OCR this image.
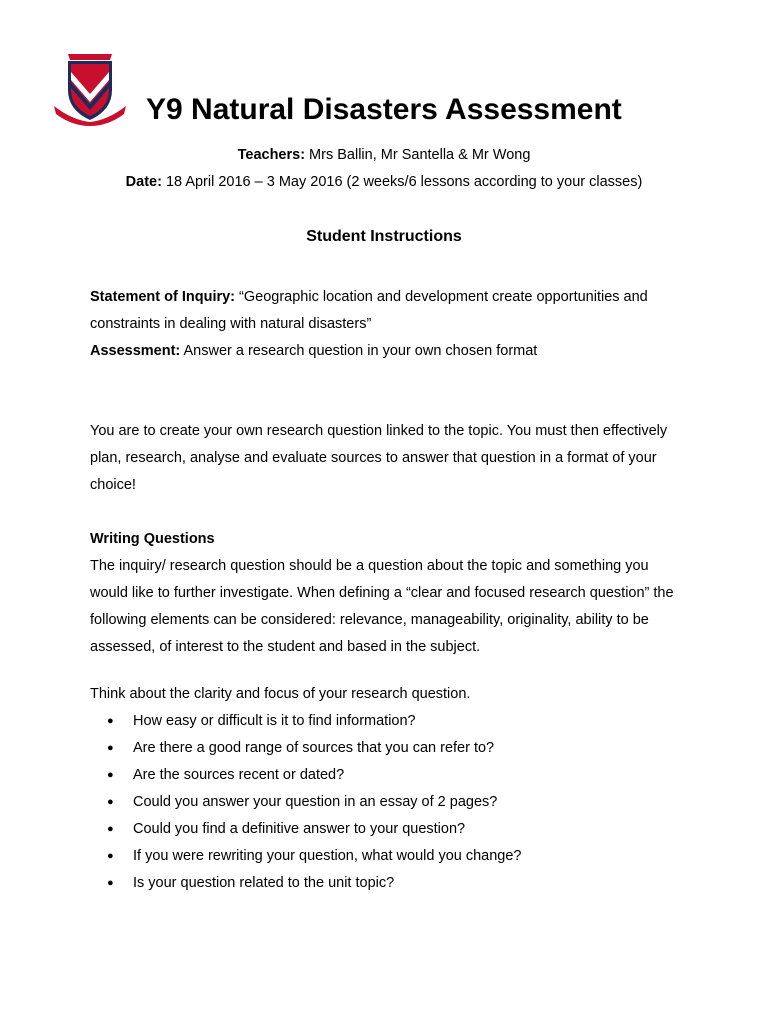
Y9 Natural Disasters Assessment
Teachers: Mrs Ballin, Mr Santella & Mr Wong
Date: 18 April 2016 – 3 May 2016 (2 weeks/6 lessons according to your classes)
Student Instructions

Statement of Inquiry: “Geographic location and development create opportunities and constraints in dealing with natural disasters”

Assessment: Answer a research question in your own chosen format

You are to create your own research question linked to the topic. You must then effectively plan, research, analyse and evaluate sources to answer that question in a format of your choice!

Writing Questions

The inquiry/ research question should be a question about the topic and something you would like to further investigate. When defining a “clear and focused research question” the following elements can be considered: relevance, manageability, originality, ability to be assessed, of interest to the student and based in the subject.

Think about the clarity and focus of your research question.

● How easy or difficult is it to find information?
● Are there a good range of sources that you can refer to?
● Are the sources recent or dated?
● Could you answer your question in an essay of 2 pages?
● Could you find a definitive answer to your question?
● If you were rewriting your question, what would you change?
● Is your question related to the unit topic?
